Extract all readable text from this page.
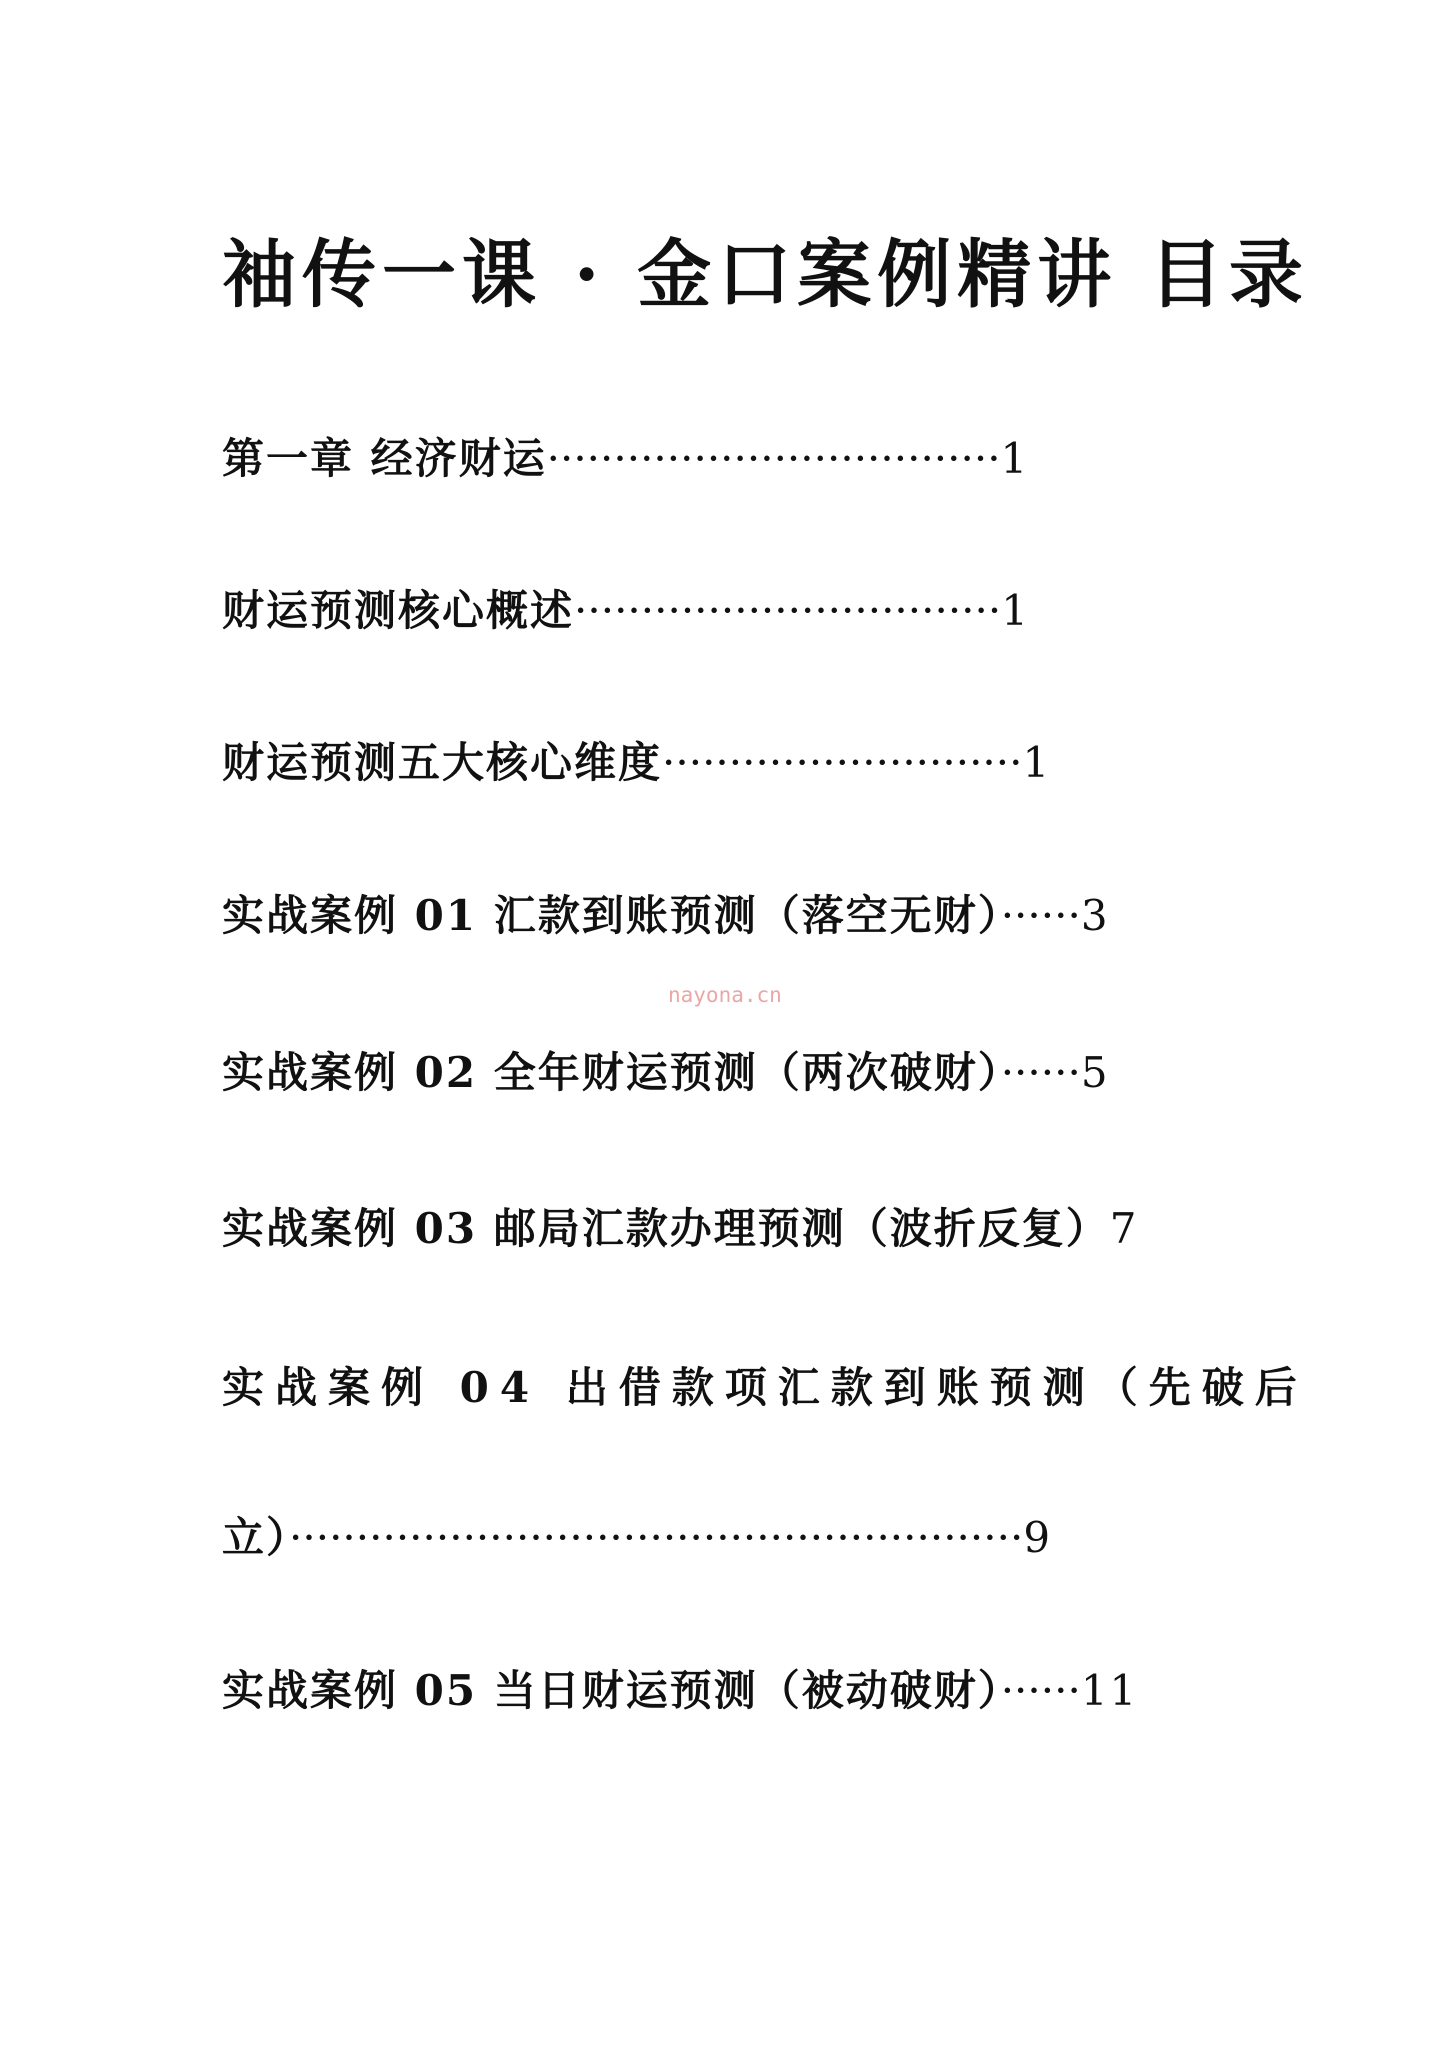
袖传一课 · 金口案例精讲 目录
第一章 经济财运··································1
财运预测核心概述································1
财运预测五大核心维度···························1
实战案例 01 汇款到账预测（落空无财）······3
nayona.cn
实战案例 02 全年财运预测（两次破财）······5
实战案例 03 邮局汇款办理预测（波折反复）7
实战案例 04 出借款项汇款到账预测（先破后
立）·······················································9
实战案例 05 当日财运预测（被动破财）······11
